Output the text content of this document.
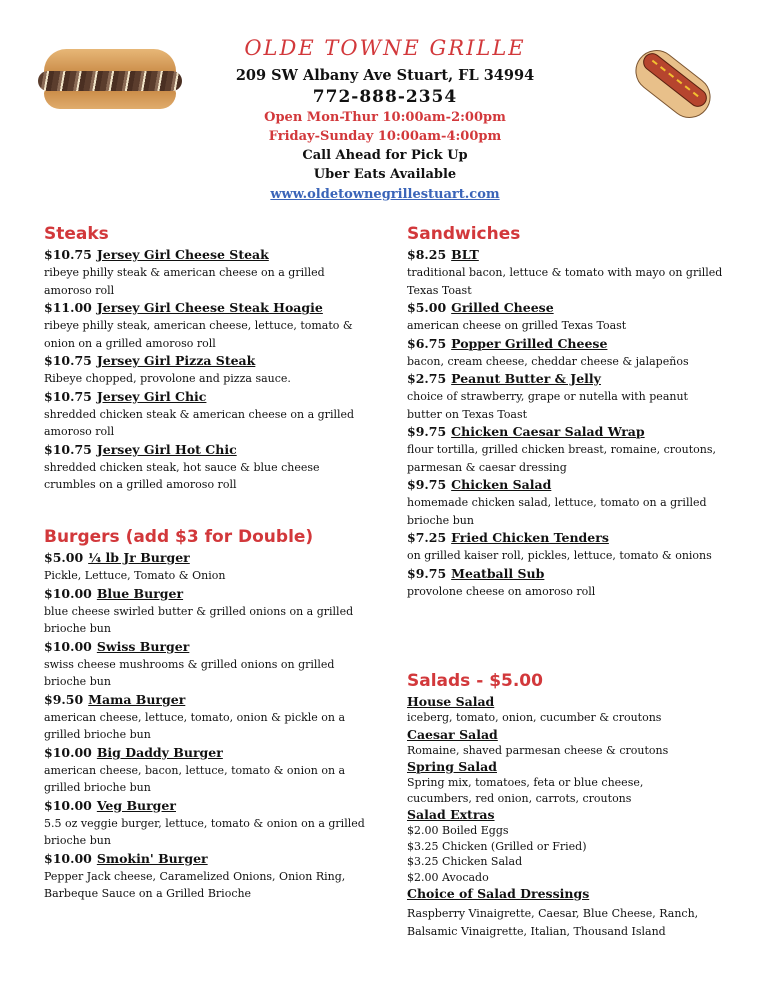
OLDE TOWNE GRILLE
209 SW Albany Ave Stuart, FL 34994
772-888-2354
Open Mon-Thur 10:00am-2:00pm
Friday-Sunday 10:00am-4:00pm
Call Ahead for Pick Up
Uber Eats Available
www.oldetownegrillestuart.com
Steaks
$10.75 Jersey Girl Cheese Steak
ribeye philly steak & american cheese on a grilled amoroso roll
$11.00 Jersey Girl Cheese Steak Hoagie
ribeye philly steak, american cheese, lettuce, tomato & onion on a grilled amoroso roll
$10.75 Jersey Girl Pizza Steak
Ribeye chopped, provolone and pizza sauce.
$10.75 Jersey Girl Chic
shredded chicken steak & american cheese on a grilled amoroso roll
$10.75 Jersey Girl Hot Chic
shredded chicken steak, hot sauce & blue cheese crumbles on a grilled amoroso roll
Burgers (add $3 for Double)
$5.00 ¼ lb Jr Burger
Pickle, Lettuce, Tomato & Onion
$10.00 Blue Burger
blue cheese swirled butter & grilled onions on a grilled brioche bun
$10.00 Swiss Burger
swiss cheese mushrooms & grilled onions on grilled brioche bun
$9.50 Mama Burger
american cheese, lettuce, tomato, onion & pickle on a grilled brioche bun
$10.00 Big Daddy Burger
american cheese, bacon, lettuce, tomato & onion on a grilled brioche bun
$10.00 Veg Burger
5.5 oz veggie burger, lettuce, tomato & onion on a grilled brioche bun
$10.00 Smokin' Burger
Pepper Jack cheese, Caramelized Onions, Onion Ring, Barbeque Sauce on a Grilled Brioche
Sandwiches
$8.25 BLT
traditional bacon, lettuce & tomato with mayo on grilled Texas Toast
$5.00 Grilled Cheese
american cheese on grilled Texas Toast
$6.75 Popper Grilled Cheese
bacon, cream cheese, cheddar cheese & jalapeños
$2.75 Peanut Butter & Jelly
choice of strawberry, grape or nutella with peanut butter on Texas Toast
$9.75 Chicken Caesar Salad Wrap
flour tortilla, grilled chicken breast, romaine, croutons, parmesan & caesar dressing
$9.75 Chicken Salad
homemade chicken salad, lettuce, tomato on a grilled brioche bun
$7.25 Fried Chicken Tenders
on grilled kaiser roll, pickles, lettuce, tomato & onions
$9.75 Meatball Sub
provolone cheese on amoroso roll
Salads - $5.00
House Salad
iceberg, tomato, onion, cucumber & croutons
Caesar Salad
Romaine, shaved parmesan cheese & croutons
Spring Salad
Spring mix, tomatoes, feta or blue cheese,
cucumbers, red onion, carrots, croutons
Salad Extras
$2.00 Boiled Eggs
$3.25 Chicken (Grilled or Fried)
$3.25 Chicken Salad
$2.00 Avocado
Choice of Salad Dressings
Raspberry Vinaigrette, Caesar, Blue Cheese, Ranch, Balsamic Vinaigrette, Italian, Thousand Island
